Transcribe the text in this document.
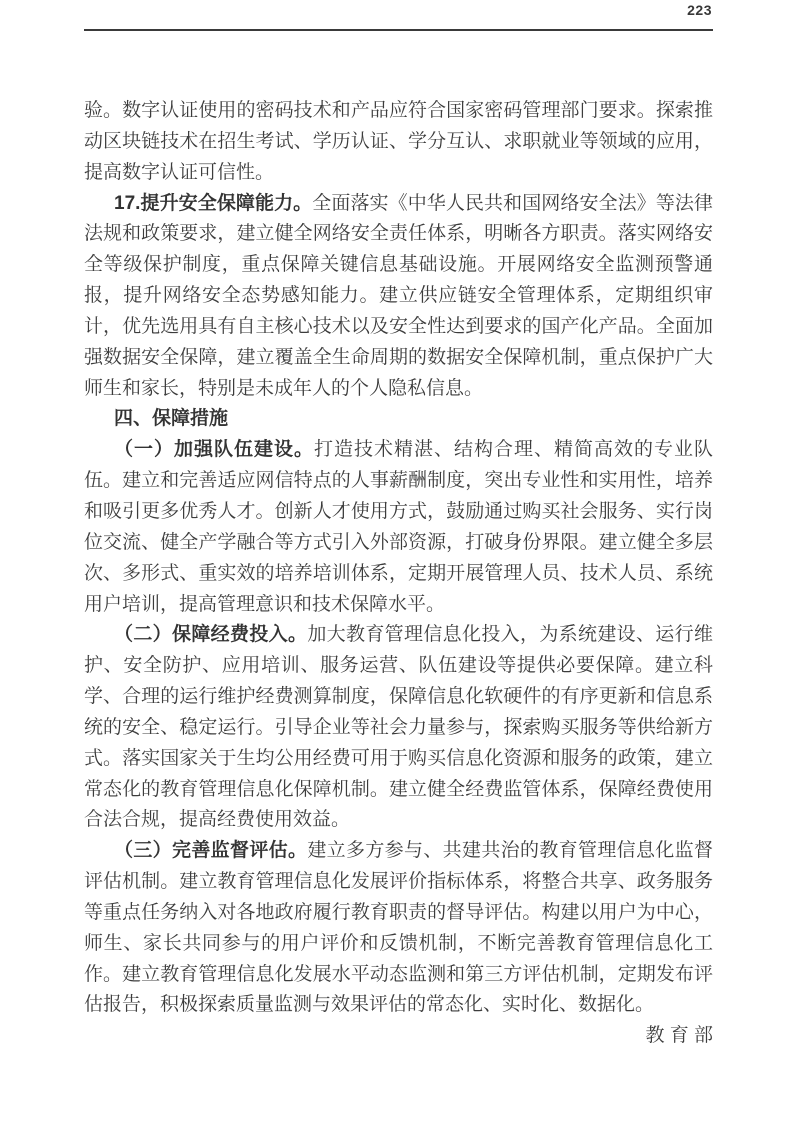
223

验。数字认证使用的密码技术和产品应符合国家密码管理部门要求。探索推动区块链技术在招生考试、学历认证、学分互认、求职就业等领域的应用，提高数字认证可信性。

17.提升安全保障能力。全面落实《中华人民共和国网络安全法》等法律法规和政策要求，建立健全网络安全责任体系，明晰各方职责。落实网络安全等级保护制度，重点保障关键信息基础设施。开展网络安全监测预警通报，提升网络安全态势感知能力。建立供应链安全管理体系，定期组织审计，优先选用具有自主核心技术以及安全性达到要求的国产化产品。全面加强数据安全保障，建立覆盖全生命周期的数据安全保障机制，重点保护广大师生和家长，特别是未成年人的个人隐私信息。

四、保障措施

（一）加强队伍建设。打造技术精湛、结构合理、精简高效的专业队伍。建立和完善适应网信特点的人事薪酬制度，突出专业性和实用性，培养和吸引更多优秀人才。创新人才使用方式，鼓励通过购买社会服务、实行岗位交流、健全产学融合等方式引入外部资源，打破身份界限。建立健全多层次、多形式、重实效的培养培训体系，定期开展管理人员、技术人员、系统用户培训，提高管理意识和技术保障水平。

（二）保障经费投入。加大教育管理信息化投入，为系统建设、运行维护、安全防护、应用培训、服务运营、队伍建设等提供必要保障。建立科学、合理的运行维护经费测算制度，保障信息化软硬件的有序更新和信息系统的安全、稳定运行。引导企业等社会力量参与，探索购买服务等供给新方式。落实国家关于生均公用经费可用于购买信息化资源和服务的政策，建立常态化的教育管理信息化保障机制。建立健全经费监管体系，保障经费使用合法合规，提高经费使用效益。

（三）完善监督评估。建立多方参与、共建共治的教育管理信息化监督评估机制。建立教育管理信息化发展评价指标体系，将整合共享、政务服务等重点任务纳入对各地政府履行教育职责的督导评估。构建以用户为中心，师生、家长共同参与的用户评价和反馈机制，不断完善教育管理信息化工作。建立教育管理信息化发展水平动态监测和第三方评估机制，定期发布评估报告，积极探索质量监测与效果评估的常态化、实时化、数据化。

教 育 部
